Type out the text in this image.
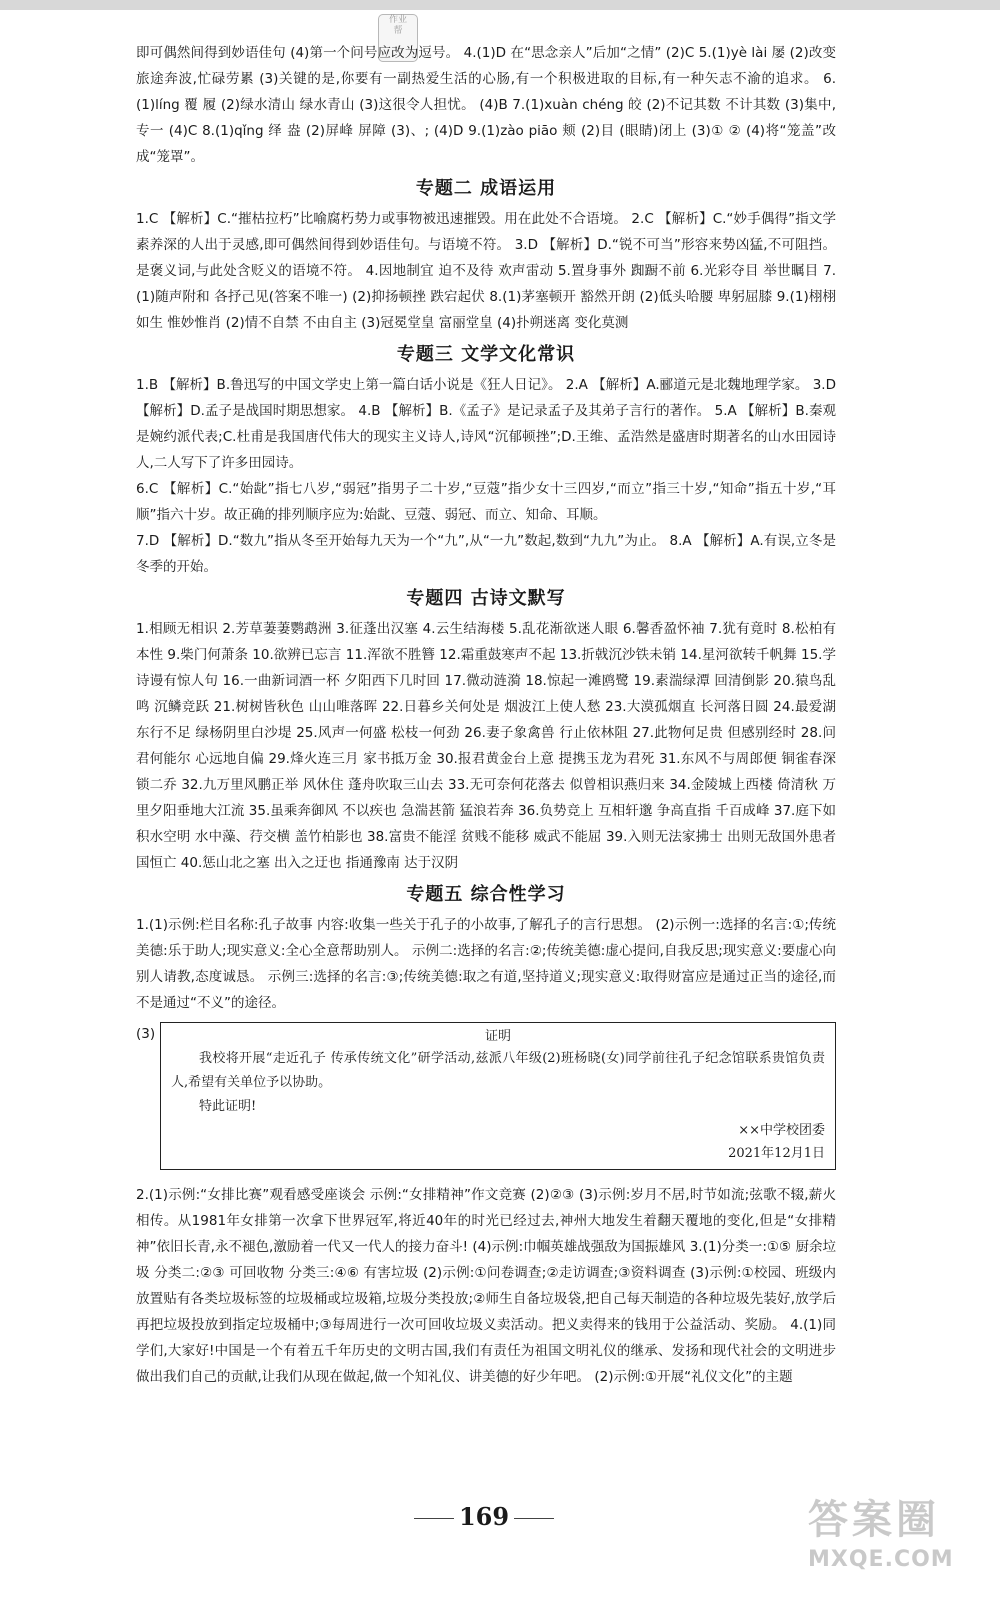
作业
帮

即可偶然间得到妙语佳句 (4)第一个问号应改为逗号。 4.(1)D 在“思念亲人”后加“之情” (2)C 5.(1)yè lài 屡 (2)改变 旅途奔波,忙碌劳累 (3)关键的是,你要有一副热爱生活的心肠,有一个积极进取的目标,有一种矢志不渝的追求。 6.(1)líng 覆 履 (2)绿水清山 绿水青山 (3)这很令人担忧。 (4)B 7.(1)xuàn chéng 皎 (2)不记其数 不计其数 (3)集中,专一 (4)C 8.(1)qǐng 绎 盎 (2)屏峰 屏障 (3)、; (4)D 9.(1)zào piāo 颊 (2)目 (眼睛)闭上 (3)① ② (4)将“笼盖”改成“笼罩”。

专题二 成语运用

1.C 【解析】C.“摧枯拉朽”比喻腐朽势力或事物被迅速摧毁。用在此处不合语境。 2.C 【解析】C.“妙手偶得”指文学素养深的人出于灵感,即可偶然间得到妙语佳句。与语境不符。 3.D 【解析】D.“锐不可当”形容来势凶猛,不可阻挡。是褒义词,与此处含贬义的语境不符。 4.因地制宜 迫不及待 欢声雷动 5.置身事外 踟蹰不前 6.光彩夺目 举世瞩目 7.(1)随声附和 各抒己见(答案不唯一) (2)抑扬顿挫 跌宕起伏 8.(1)茅塞顿开 豁然开朗 (2)低头哈腰 卑躬屈膝 9.(1)栩栩如生 惟妙惟肖 (2)情不自禁 不由自主 (3)冠冕堂皇 富丽堂皇 (4)扑朔迷离 变化莫测

专题三 文学文化常识

1.B 【解析】B.鲁迅写的中国文学史上第一篇白话小说是《狂人日记》。 2.A 【解析】A.郦道元是北魏地理学家。 3.D 【解析】D.孟子是战国时期思想家。 4.B 【解析】B.《孟子》是记录孟子及其弟子言行的著作。 5.A 【解析】B.秦观是婉约派代表;C.杜甫是我国唐代伟大的现实主义诗人,诗风“沉郁顿挫”;D.王维、孟浩然是盛唐时期著名的山水田园诗人,二人写下了许多田园诗。

6.C 【解析】C.“始龀”指七八岁,“弱冠”指男子二十岁,“豆蔻”指少女十三四岁,“而立”指三十岁,“知命”指五十岁,“耳顺”指六十岁。故正确的排列顺序应为:始龀、豆蔻、弱冠、而立、知命、耳顺。

7.D 【解析】D.“数九”指从冬至开始每九天为一个“九”,从“一九”数起,数到“九九”为止。 8.A 【解析】A.有误,立冬是冬季的开始。

专题四 古诗文默写

1.相顾无相识 2.芳草萋萋鹦鹉洲 3.征蓬出汉塞 4.云生结海楼 5.乱花渐欲迷人眼 6.馨香盈怀袖 7.犹有竟时 8.松柏有本性 9.柴门何萧条 10.欲辨已忘言 11.浑欲不胜簪 12.霜重鼓寒声不起 13.折戟沉沙铁未销 14.星河欲转千帆舞 15.学诗谩有惊人句 16.一曲新词酒一杯 夕阳西下几时回 17.微动涟漪 18.惊起一滩鸥鹭 19.素湍绿潭 回清倒影 20.猿鸟乱鸣 沉鳞竞跃 21.树树皆秋色 山山唯落晖 22.日暮乡关何处是 烟波江上使人愁 23.大漠孤烟直 长河落日圆 24.最爱湖东行不足 绿杨阴里白沙堤 25.风声一何盛 松枝一何劲 26.妻子象禽兽 行止依林阻 27.此物何足贵 但感别经时 28.问君何能尔 心远地自偏 29.烽火连三月 家书抵万金 30.报君黄金台上意 提携玉龙为君死 31.东风不与周郎便 铜雀春深锁二乔 32.九万里风鹏正举 风休住 蓬舟吹取三山去 33.无可奈何花落去 似曾相识燕归来 34.金陵城上西楼 倚清秋 万里夕阳垂地大江流 35.虽乘奔御风 不以疾也 急湍甚箭 猛浪若奔 36.负势竞上 互相轩邈 争高直指 千百成峰 37.庭下如积水空明 水中藻、荇交横 盖竹柏影也 38.富贵不能淫 贫贱不能移 威武不能屈 39.入则无法家拂士 出则无敌国外患者 国恒亡 40.惩山北之塞 出入之迂也 指通豫南 达于汉阴

专题五 综合性学习

1.(1)示例:栏目名称:孔子故事 内容:收集一些关于孔子的小故事,了解孔子的言行思想。 (2)示例一:选择的名言:①;传统美德:乐于助人;现实意义:全心全意帮助别人。 示例二:选择的名言:②;传统美德:虚心提问,自我反思;现实意义:要虚心向别人请教,态度诚恳。 示例三:选择的名言:③;传统美德:取之有道,坚持道义;现实意义:取得财富应是通过正当的途径,而不是通过“不义”的途径。

(3)	证明

我校将开展“走近孔子 传承传统文化”研学活动,兹派八年级(2)班杨晓(女)同学前往孔子纪念馆联系贵馆负责人,希望有关单位予以协助。

特此证明!

××中学校团委

2021年12月1日

2.(1)示例:“女排比赛”观看感受座谈会 示例:“女排精神”作文竞赛 (2)②③ (3)示例:岁月不居,时节如流;弦歌不辍,薪火相传。从1981年女排第一次拿下世界冠军,将近40年的时光已经过去,神州大地发生着翻天覆地的变化,但是“女排精神”依旧长青,永不褪色,激励着一代又一代人的接力奋斗! (4)示例:巾帼英雄战强敌为国振雄风 3.(1)分类一:①⑤ 厨余垃圾 分类二:②③ 可回收物 分类三:④⑥ 有害垃圾 (2)示例:①问卷调查;②走访调查;③资料调查 (3)示例:①校园、班级内放置贴有各类垃圾标签的垃圾桶或垃圾箱,垃圾分类投放;②师生自备垃圾袋,把自己每天制造的各种垃圾先装好,放学后再把垃圾投放到指定垃圾桶中;③每周进行一次可回收垃圾义卖活动。把义卖得来的钱用于公益活动、奖励。 4.(1)同学们,大家好!中国是一个有着五千年历史的文明古国,我们有责任为祖国文明礼仪的继承、发扬和现代社会的文明进步做出我们自己的贡献,让我们从现在做起,做一个知礼仪、讲美德的好少年吧。 (2)示例:①开展“礼仪文化”的主题

169	答案圈
MXQE.COM
